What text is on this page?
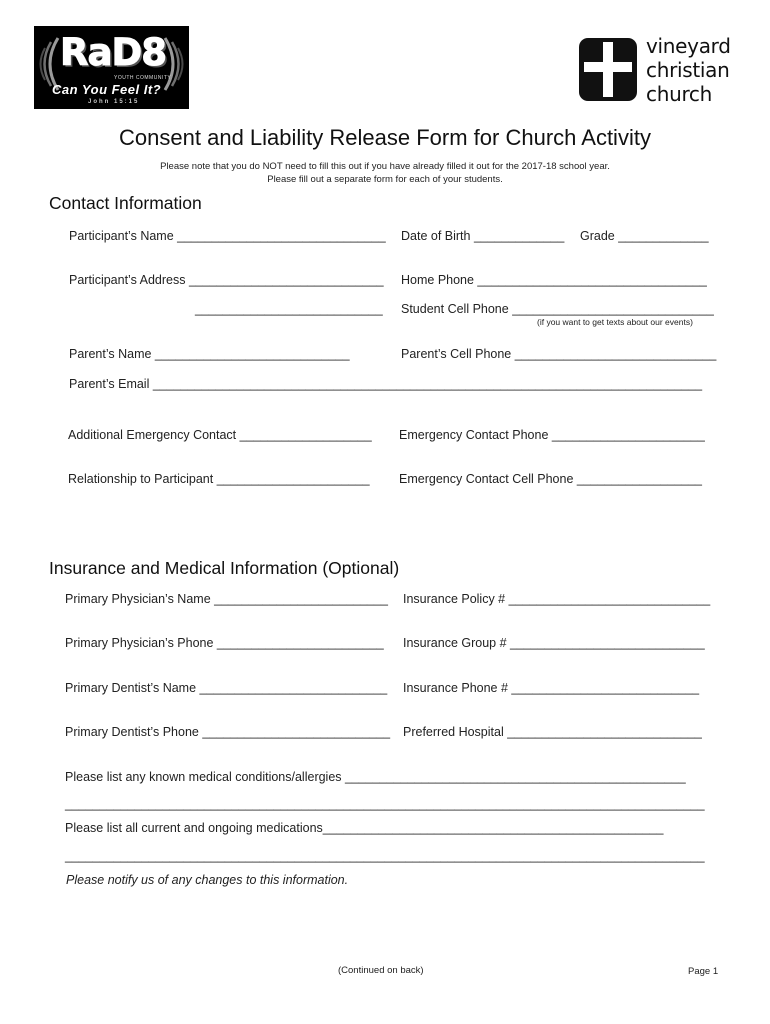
RaD8
YOUTH COMMUNITY
Can You Feel It?
John 15:15
vineyard
christian
church
Consent and Liability Release Form for Church Activity
Please note that you do NOT need to fill this out if you have already filled it out for the 2017-18 school year.
Please fill out a separate form for each of your students.
Contact Information
Participant’s Name ______________________________ Date of Birth _____________ Grade _____________
Participant’s Address ____________________________ Home Phone _________________________________
___________________________ Student Cell Phone _____________________________
(if you want to get texts about our events)
Parent’s Name ____________________________	Parent’s Cell Phone _____________________________
Parent’s Email _______________________________________________________________________________
Additional Emergency Contact ___________________ Emergency Contact Phone ______________________
Relationship to Participant ______________________ Emergency Contact Cell Phone __________________
Insurance and Medical Information (Optional)
Primary Physician’s Name _________________________ Insurance Policy # _____________________________
Primary Physician’s Phone ________________________ Insurance Group # ____________________________
Primary Dentist’s Name ___________________________ Insurance Phone # ___________________________
Primary Dentist’s Phone ___________________________ Preferred Hospital ____________________________
Please list any known medical conditions/allergies _________________________________________________
____________________________________________________________________________________________
Please list all current and ongoing medications_________________________________________________
____________________________________________________________________________________________
Please notify us of any changes to this information.
(Continued on back)	Page 1
